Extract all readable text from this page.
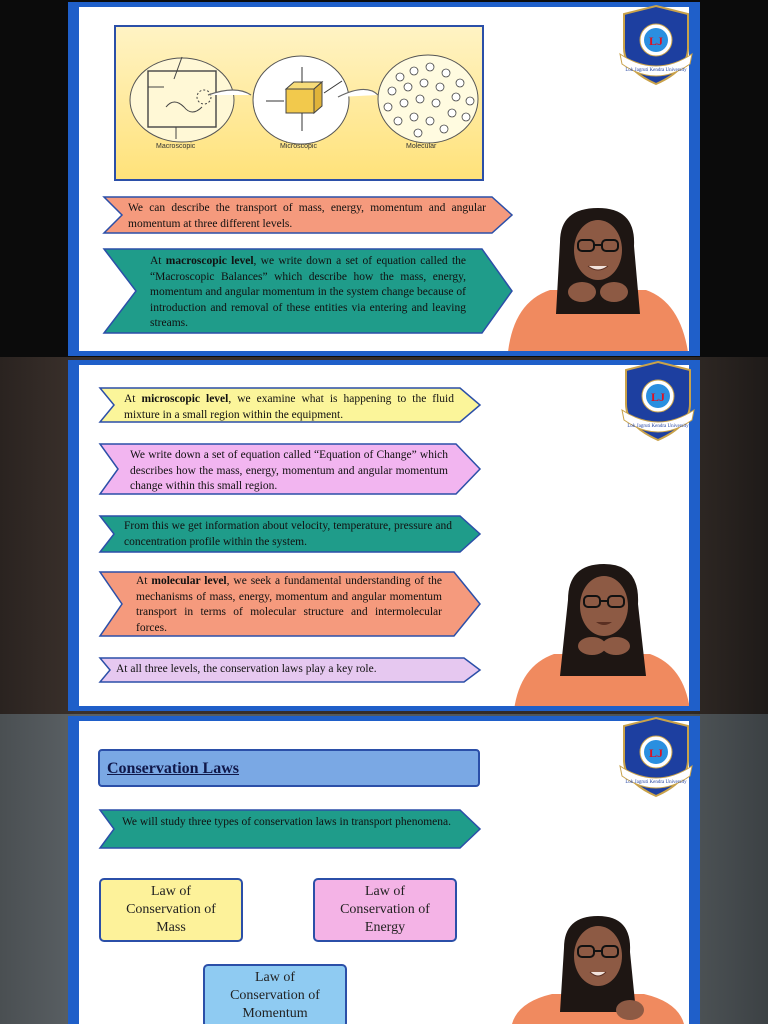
Macroscopic	Microscopic	Molecular
We can describe the transport of mass, energy, momentum and angular momentum at three different levels.
At macroscopic level, we write down a set of equation called the “Macroscopic Balances” which describe how the mass, energy, momentum and angular momentum in the system change because of introduction and removal of these entities via entering and leaving streams.
LJ
Lok Jagruti Kendra University
At microscopic level, we examine what is happening to the fluid mixture in a small region within the equipment.
We write down a set of equation called “Equation of Change” which describes how the mass, energy, momentum and angular momentum change within this small region.
From this we get information about velocity, temperature, pressure and concentration profile within the system.
At molecular level, we seek a fundamental understanding of the mechanisms of mass, energy, momentum and angular momentum transport in terms of molecular structure and intermolecular forces.
At all three levels, the conservation laws play a key role.
LJ
Lok Jagruti Kendra University
Conservation Laws
We will study three types of conservation laws in transport phenomena.
Law of
Conservation of
Mass
Law of
Conservation of
Energy
Law of
Conservation of
Momentum
LJ
Lok Jagruti Kendra University
